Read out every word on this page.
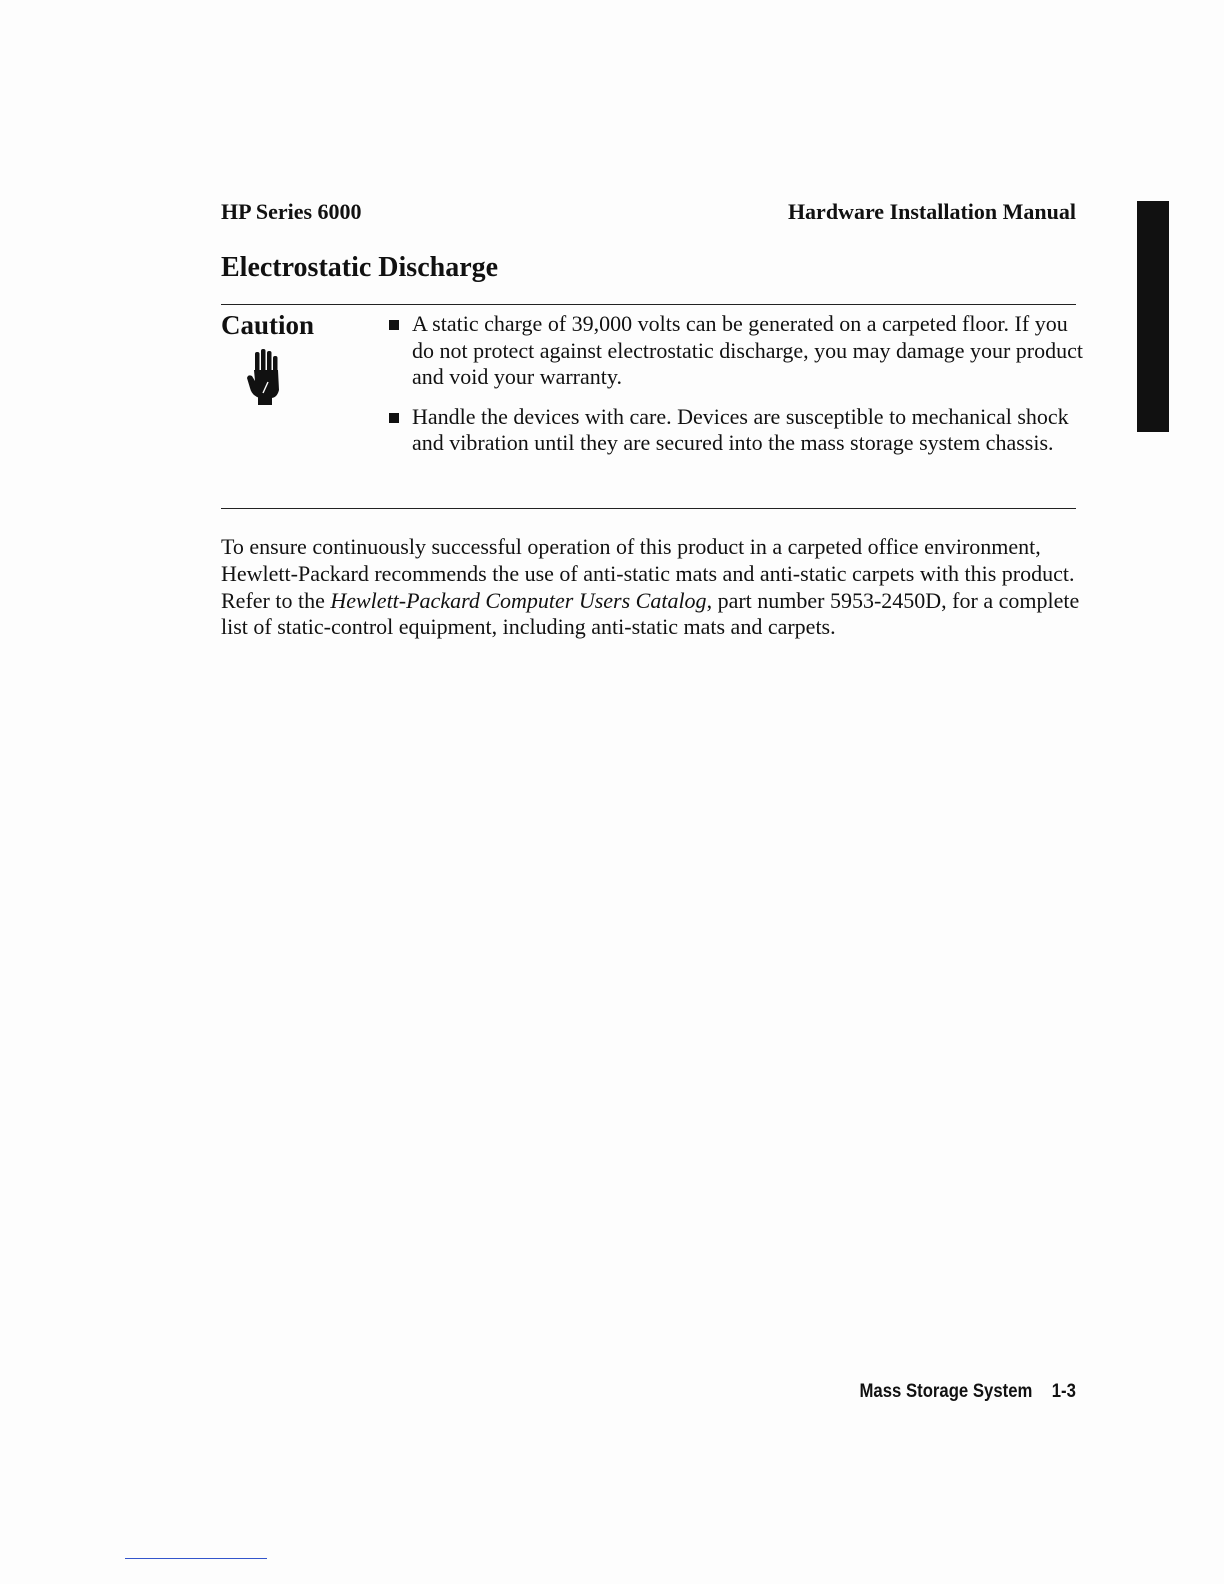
HP Series 6000	Hardware Installation Manual
Electrostatic Discharge
Caution	A static charge of 39,000 volts can be generated on a carpeted floor. If you do not protect against electrostatic discharge, you may damage your product and void your warranty.
Handle the devices with care. Devices are susceptible to mechanical shock and vibration until they are secured into the mass storage system chassis.

To ensure continuously successful operation of this product in a carpeted office environment, Hewlett-Packard recommends the use of anti-static mats and anti-static carpets with this product. Refer to the Hewlett-Packard Computer Users Catalog, part number 5953-2450D, for a complete list of static-control equipment, including anti-static mats and carpets.

Mass Storage System 1-3
